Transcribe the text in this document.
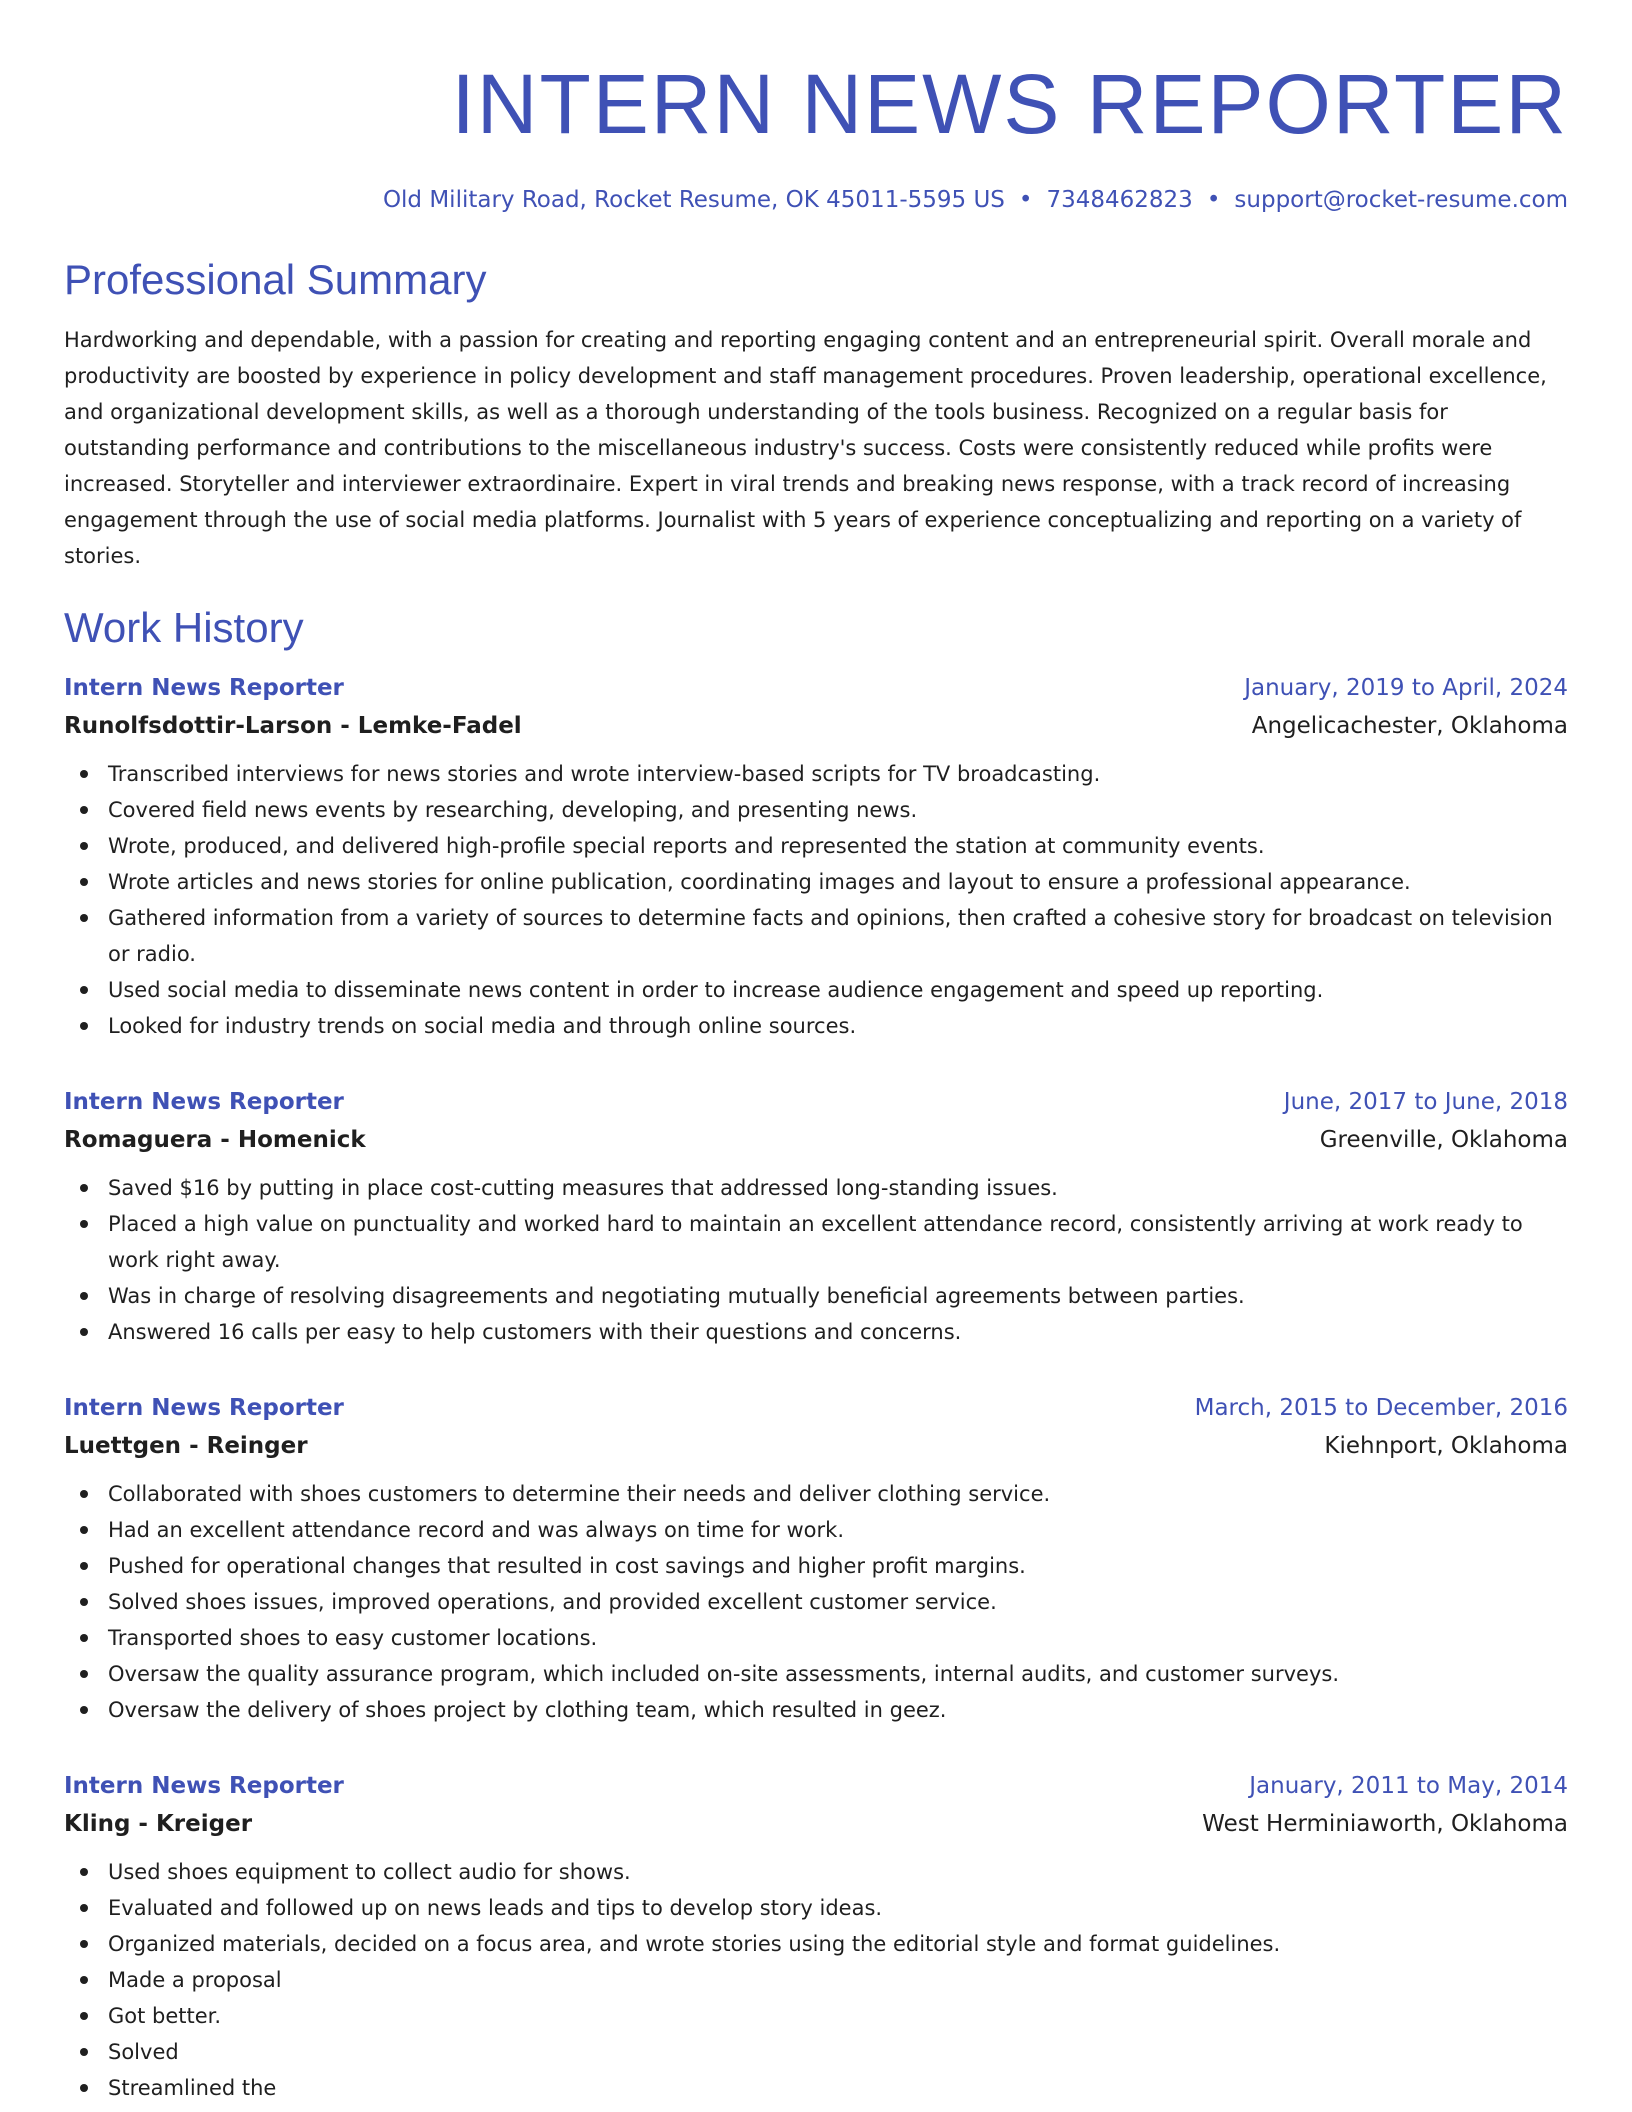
INTERN NEWS REPORTER
Old Military Road, Rocket Resume, OK 45011-5595 US • 7348462823 • support@rocket-resume.com
Professional Summary

Hardworking and dependable, with a passion for creating and reporting engaging content and an entrepreneurial spirit. Overall morale and productivity are boosted by experience in policy development and staff management procedures. Proven leadership, operational excellence, and organizational development skills, as well as a thorough understanding of the tools business. Recognized on a regular basis for outstanding performance and contributions to the miscellaneous industry's success. Costs were consistently reduced while profits were increased. Storyteller and interviewer extraordinaire. Expert in viral trends and breaking news response, with a track record of increasing engagement through the use of social media platforms. Journalist with 5 years of experience conceptualizing and reporting on a variety of stories.

Work History
Intern News Reporter	January, 2019 to April, 2024
Runolfsdottir-Larson - Lemke-Fadel	Angelicachester, Oklahoma
Transcribed interviews for news stories and wrote interview-based scripts for TV broadcasting.
Covered field news events by researching, developing, and presenting news.
Wrote, produced, and delivered high-profile special reports and represented the station at community events.
Wrote articles and news stories for online publication, coordinating images and layout to ensure a professional appearance.
Gathered information from a variety of sources to determine facts and opinions, then crafted a cohesive story for broadcast on television or radio.
Used social media to disseminate news content in order to increase audience engagement and speed up reporting.
Looked for industry trends on social media and through online sources.
Intern News Reporter	June, 2017 to June, 2018
Romaguera - Homenick	Greenville, Oklahoma
Saved $16 by putting in place cost-cutting measures that addressed long-standing issues.
Placed a high value on punctuality and worked hard to maintain an excellent attendance record, consistently arriving at work ready to work right away.
Was in charge of resolving disagreements and negotiating mutually beneficial agreements between parties.
Answered 16 calls per easy to help customers with their questions and concerns.
Intern News Reporter	March, 2015 to December, 2016
Luettgen - Reinger	Kiehnport, Oklahoma
Collaborated with shoes customers to determine their needs and deliver clothing service.
Had an excellent attendance record and was always on time for work.
Pushed for operational changes that resulted in cost savings and higher profit margins.
Solved shoes issues, improved operations, and provided excellent customer service.
Transported shoes to easy customer locations.
Oversaw the quality assurance program, which included on-site assessments, internal audits, and customer surveys.
Oversaw the delivery of shoes project by clothing team, which resulted in geez.
Intern News Reporter	January, 2011 to May, 2014
Kling - Kreiger	West Herminiaworth, Oklahoma
Used shoes equipment to collect audio for shows.
Evaluated and followed up on news leads and tips to develop story ideas.
Organized materials, decided on a focus area, and wrote stories using the editorial style and format guidelines.
Made a proposal
Got better.
Solved
Streamlined the
